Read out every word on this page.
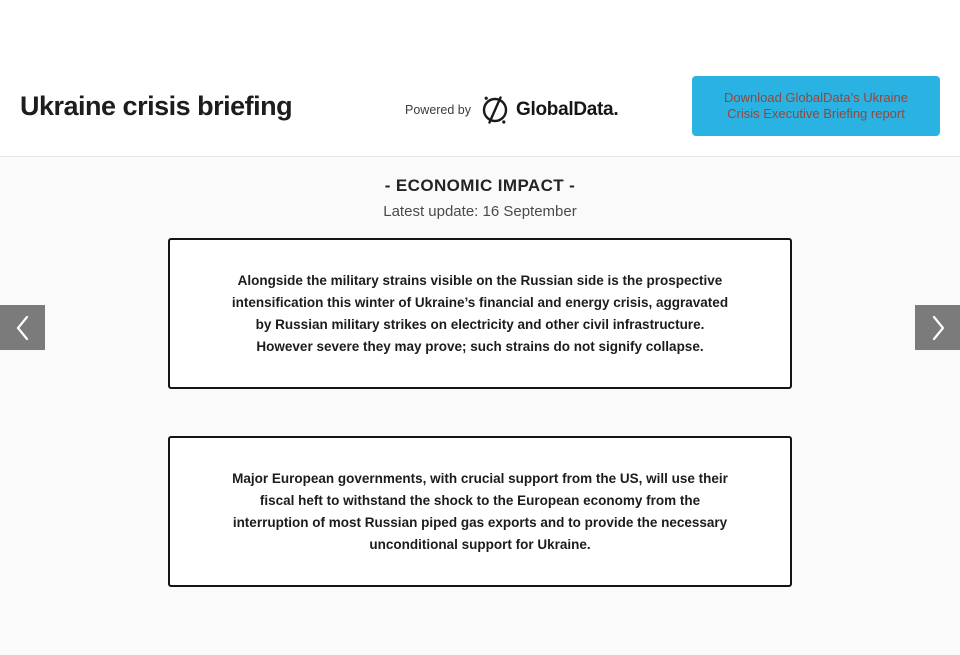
Ukraine crisis briefing	Powered by GlobalData.
Download GlobalData’s Ukraine
Crisis Executive Briefing report
- ECONOMIC IMPACT -

Latest update: 16 September

Alongside the military strains visible on the Russian side is the prospective
intensification this winter of Ukraine’s financial and energy crisis, aggravated
by Russian military strikes on electricity and other civil infrastructure.
However severe they may prove; such strains do not signify collapse.
Major European governments, with crucial support from the US, will use their
fiscal heft to withstand the shock to the European economy from the
interruption of most Russian piped gas exports and to provide the necessary
unconditional support for Ukraine.
